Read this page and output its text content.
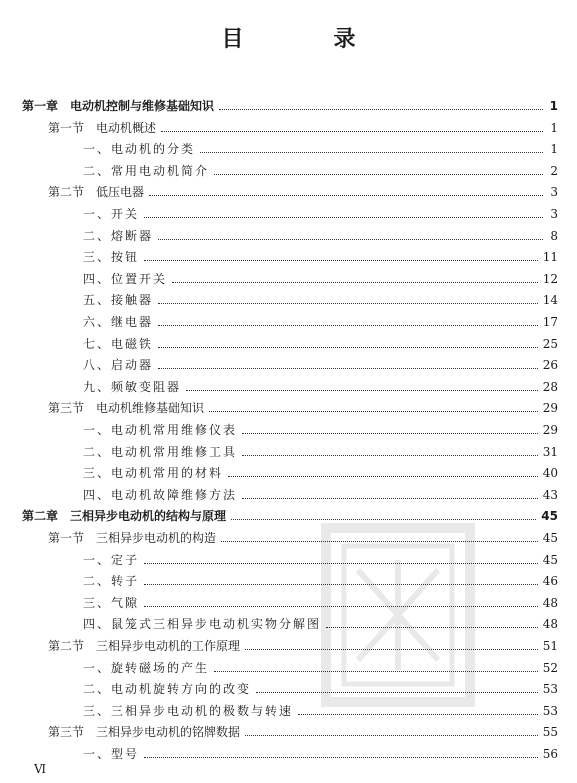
目　录
第一章 电动机控制与维修基础知识	1
第一节 电动机概述	1
一、电动机的分类	1
二、常用电动机简介	2
第二节 低压电器	3
一、开关	3
二、熔断器	8
三、按钮	11
四、位置开关	12
五、接触器	14
六、继电器	17
七、电磁铁	25
八、启动器	26
九、频敏变阻器	28
第三节 电动机维修基础知识	29
一、电动机常用维修仪表	29
二、电动机常用维修工具	31
三、电动机常用的材料	40
四、电动机故障维修方法	43
第二章 三相异步电动机的结构与原理	45
第一节 三相异步电动机的构造	45
一、定子	45
二、转子	46
三、气隙	48
四、鼠笼式三相异步电动机实物分解图	48
第二节 三相异步电动机的工作原理	51
一、旋转磁场的产生	52
二、电动机旋转方向的改变	53
三、三相异步电动机的极数与转速	53
第三节 三相异步电动机的铭牌数据	55
一、型号	56
Ⅵ
